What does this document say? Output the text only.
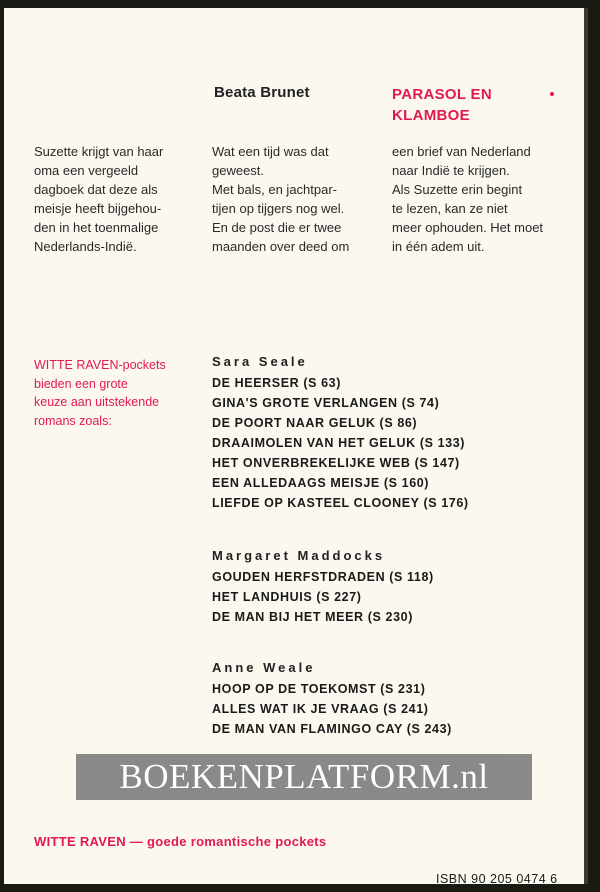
Beata Brunet	PARASOL EN
KLAMBOE
Suzette krijgt van haar
oma een vergeeld
dagboek dat deze als
meisje heeft bijgehou-
den in het toenmalige
Nederlands-Indië.
Wat een tijd was dat
geweest.
Met bals, en jachtpar-
tijen op tijgers nog wel.
En de post die er twee
maanden over deed om
een brief van Nederland
naar Indië te krijgen.
Als Suzette erin begint
te lezen, kan ze niet
meer ophouden. Het moet
in één adem uit.
WITTE RAVEN-pockets
bieden een grote
keuze aan uitstekende
romans zoals:
Sara Seale
DE HEERSER (S 63)
GINA'S GROTE VERLANGEN (S 74)
DE POORT NAAR GELUK (S 86)
DRAAIMOLEN VAN HET GELUK (S 133)
HET ONVERBREKELIJKE WEB (S 147)
EEN ALLEDAAGS MEISJE (S 160)
LIEFDE OP KASTEEL CLOONEY (S 176)
Margaret Maddocks
GOUDEN HERFSTDRADEN (S 118)
HET LANDHUIS (S 227)
DE MAN BIJ HET MEER (S 230)
Anne Weale
HOOP OP DE TOEKOMST (S 231)
ALLES WAT IK JE VRAAG (S 241)
DE MAN VAN FLAMINGO CAY (S 243)
BOEKENPLATFORM.nl
WITTE RAVEN — goede romantische pockets
ISBN 90 205 0474 6
